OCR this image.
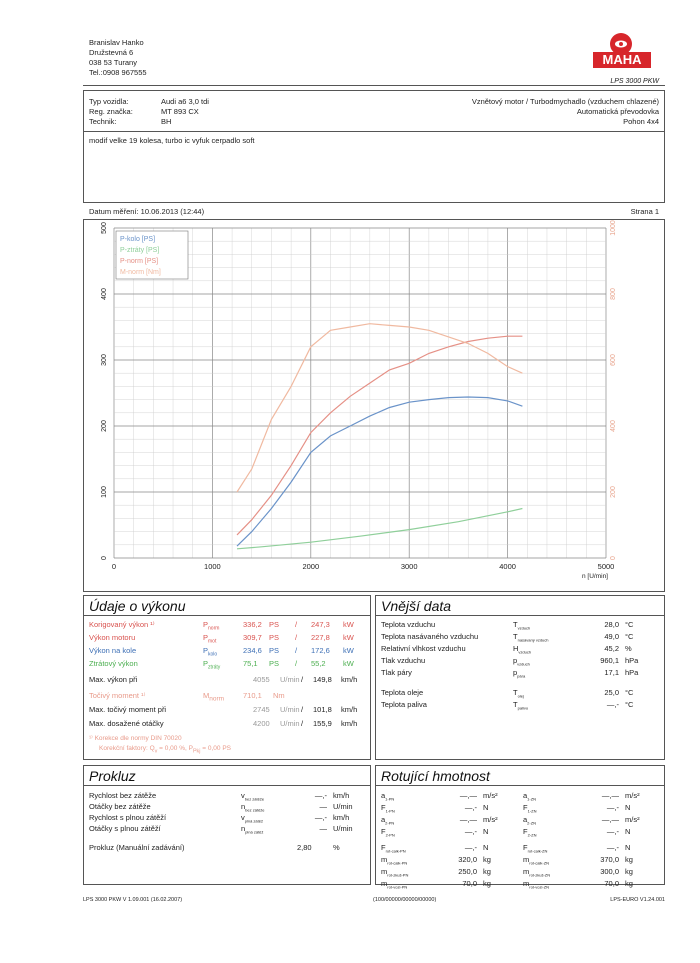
Branislav Hanko
Družstevná 6
038 53 Turany
Tel.:0908 967555
MAHA
LPS 3000 PKW
Typ vozidla:	Audi a6 3,0 tdi
Reg. značka:	MT 893 CX
Technik:	BH
Vznětový motor / Turbodmychadlo (vzduchem chlazené)
Automatická převodovka
Pohon 4x4
modif velke 19 kolesa, turbo ic vyfuk cerpadlo soft
Datum měření: 10.06.2013 (12:44)	Strana 1
0	1000	2000	3000	4000	5000
n [U/min]
0
100
200
300
400
500
0
200
400
600
800
1000
P-kolo [PS]
P-ztráty [PS]
P-norm [PS]
M-norm [Nm]
Údaje o výkonu
Max. výkon při	4055 U/min / 149,8 km/h
Točivý moment ¹⁾	$M_{norm}$	710,1 Nm
Max. točivý moment při	2745 U/min / 101,8 km/h
Max. dosažené otáčky	4200 U/min / 155,9 km/h
¹⁾ Korekce dle normy DIN 70020
Korekční faktory: $Q_v = 0,00$ %, $P_{Pkj} = 0,00$ PS
Vnější data
Prokluz
Prokluz (Manuální zadávání)	2,80	%
Rotující hmotnost
LPS 3000 PKW V 1.09.001 (16.02.2007)	(100/00000/00000/00000)	LPS-EURO V1.24.001
Korigovaný výkon ¹⁾	$P_{norm}$	336,2 PS / 247,3 kW
Výkon motoru	$P_{mot}$	309,7 PS / 227,8 kW
Výkon na kole	$P_{kolo}$	234,6 PS / 172,6 kW
Ztrátový výkon	$P_{ztráty}$	75,1 PS / 55,2 kW
Teplota vzduchu	$T_{vzduch}$	28,0 °C
Teplota nasávaného vzduchu	$T_{nasávaný vzduch}$	49,0 °C
Relativní vlhkost vzduchu	$H_{vzduch}$	45,2 %
Tlak vzduchu	$p_{vzduch}$	960,1 hPa
Tlak páry	$p_{pára}$	17,1 hPa
Teplota oleje	$T_{olej}$	25,0 °C
Teplota paliva	$T_{palivo}$	—,- °C
Rychlost bez zátěže	$v_{bez zátěže}$	—,- km/h
Otáčky bez zátěže	$n_{bez zátěže}$	— U/min
Rychlost s plnou zátěží	$v_{plná zátěž}$	—,- km/h
Otáčky s plnou zátěží	$n_{plná zátěž}$	— U/min
$a_{1-PN}$	—,— m/s²
$F_{1-PN}$	—,- N
$a_{2-PN}$	—,— m/s²
$F_{2-PN}$	—,- N
$F_{rot-calk-PN}$	—,- N
$m_{rot-calk-PN}$	320,0 kg
$m_{rot-zkuš-PN}$	250,0 kg
$m_{rot-vozi-PN}$	70,0 kg
$a_{1-ZN}$	—,— m/s²
$F_{1-ZN}$	—,- N
$a_{2-ZN}$	—,— m/s²
$F_{2-ZN}$	—,- N
$F_{rot-calk-ZN}$	—,- N
$m_{rot-calk-ZN}$	370,0 kg
$m_{rot-zkuš-ZN}$	300,0 kg
$m_{rot-vozi-ZN}$	70,0 kg
